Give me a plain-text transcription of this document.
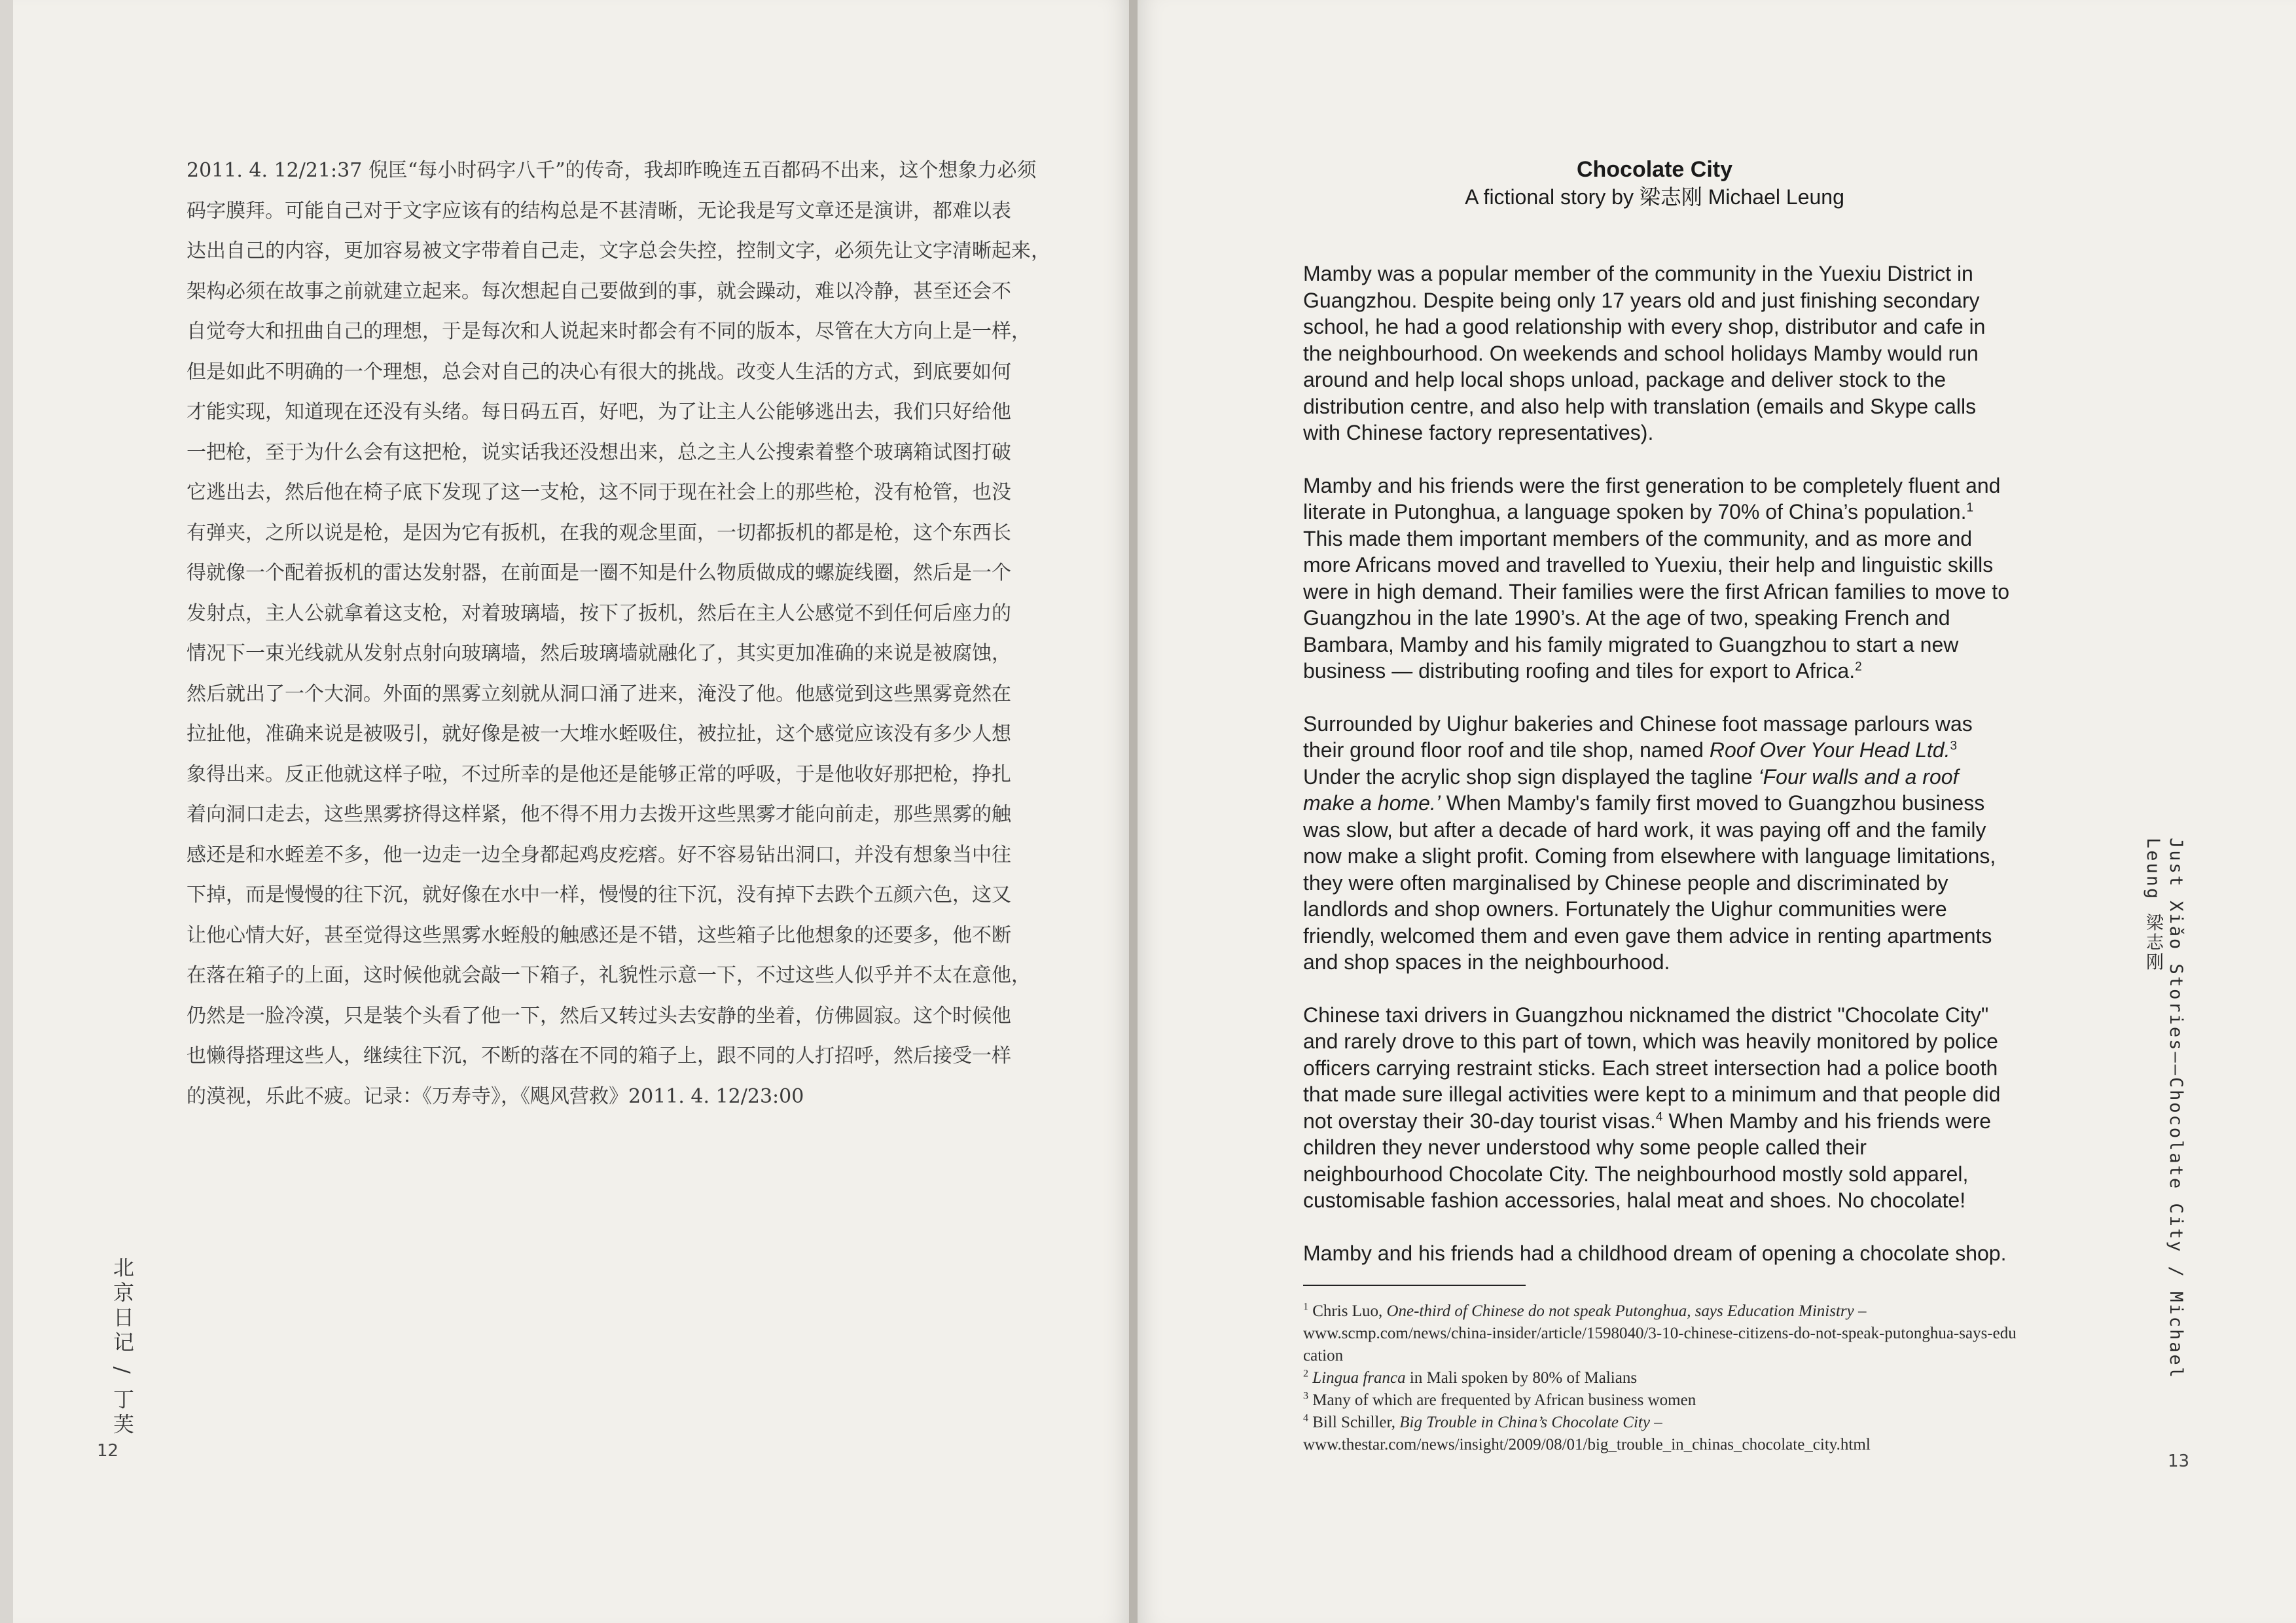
2011. 4. 12/21:37 倪匡“每小时码字八千”的传奇，我却昨晚连五百都码不出来，这个想象力必须

码字膜拜。可能自己对于文字应该有的结构总是不甚清晰，无论我是写文章还是演讲，都难以表

达出自己的内容，更加容易被文字带着自己走，文字总会失控，控制文字，必须先让文字清晰起来，

架构必须在故事之前就建立起来。每次想起自己要做到的事，就会躁动，难以冷静，甚至还会不

自觉夸大和扭曲自己的理想，于是每次和人说起来时都会有不同的版本，尽管在大方向上是一样，

但是如此不明确的一个理想，总会对自己的决心有很大的挑战。改变人生活的方式，到底要如何

才能实现，知道现在还没有头绪。每日码五百，好吧，为了让主人公能够逃出去，我们只好给他

一把枪，至于为什么会有这把枪，说实话我还没想出来，总之主人公搜索着整个玻璃箱试图打破

它逃出去，然后他在椅子底下发现了这一支枪，这不同于现在社会上的那些枪，没有枪管，也没

有弹夹，之所以说是枪，是因为它有扳机，在我的观念里面，一切都扳机的都是枪，这个东西长

得就像一个配着扳机的雷达发射器，在前面是一圈不知是什么物质做成的螺旋线圈，然后是一个

发射点，主人公就拿着这支枪，对着玻璃墙，按下了扳机，然后在主人公感觉不到任何后座力的

情况下一束光线就从发射点射向玻璃墙，然后玻璃墙就融化了，其实更加准确的来说是被腐蚀，

然后就出了一个大洞。外面的黑雾立刻就从洞口涌了进来，淹没了他。他感觉到这些黑雾竟然在

拉扯他，准确来说是被吸引，就好像是被一大堆水蛭吸住，被拉扯，这个感觉应该没有多少人想

象得出来。反正他就这样子啦，不过所幸的是他还是能够正常的呼吸，于是他收好那把枪，挣扎

着向洞口走去，这些黑雾挤得这样紧，他不得不用力去拨开这些黑雾才能向前走，那些黑雾的触

感还是和水蛭差不多，他一边走一边全身都起鸡皮疙瘩。好不容易钻出洞口，并没有想象当中往

下掉，而是慢慢的往下沉，就好像在水中一样，慢慢的往下沉，没有掉下去跌个五颜六色，这又

让他心情大好，甚至觉得这些黑雾水蛭般的触感还是不错，这些箱子比他想象的还要多，他不断

在落在箱子的上面，这时候他就会敲一下箱子，礼貌性示意一下，不过这些人似乎并不太在意他，

仍然是一脸冷漠，只是装个头看了他一下，然后又转过头去安静的坐着，仿佛圆寂。这个时候他

也懒得搭理这些人，继续往下沉，不断的落在不同的箱子上，跟不同的人打招呼，然后接受一样

的漠视，乐此不疲。记录：《万寿寺》，《飓风营救》2011. 4. 12/23:00

北京日记 / 丁芙
12
Chocolate City
A fictional story by 梁志刚 Michael Leung

Mamby was a popular member of the community in the Yuexiu District in Guangzhou. Despite being only 17 years old and just finishing secondary school, he had a good relationship with every shop, distributor and cafe in the neighbourhood. On weekends and school holidays Mamby would run around and help local shops unload, package and deliver stock to the distribution centre, and also help with translation (emails and Skype calls with Chinese factory representatives).

Mamby and his friends were the first generation to be completely fluent and literate in Putonghua, a language spoken by 70% of China’s population.$^1$ This made them important members of the community, and as more and more Africans moved and travelled to Yuexiu, their help and linguistic skills were in high demand. Their families were the first African families to move to Guangzhou in the late 1990’s. At the age of two, speaking French and Bambara, Mamby and his family migrated to Guangzhou to start a new business — distributing roofing and tiles for export to Africa.$^2$

Surrounded by Uighur bakeries and Chinese foot massage parlours was their ground floor roof and tile shop, named Roof Over Your Head Ltd.$^3$ Under the acrylic shop sign displayed the tagline ‘Four walls and a roof make a home.’ When Mamby's family first moved to Guangzhou business was slow, but after a decade of hard work, it was paying off and the family now make a slight profit. Coming from elsewhere with language limitations, they were often marginalised by Chinese people and discriminated by landlords and shop owners. Fortunately the Uighur communities were friendly, welcomed them and even gave them advice in renting apartments and shop spaces in the neighbourhood.

Chinese taxi drivers in Guangzhou nicknamed the district "Chocolate City" and rarely drove to this part of town, which was heavily monitored by police officers carrying restraint sticks. Each street intersection had a police booth that made sure illegal activities were kept to a minimum and that people did not overstay their 30-day tourist visas.$^4$ When Mamby and his friends were children they never understood why some people called their neighbourhood Chocolate City. The neighbourhood mostly sold apparel, customisable fashion accessories, halal meat and shoes. No chocolate!

Mamby and his friends had a childhood dream of opening a chocolate shop.

$^1$ Chris Luo, One-third of Chinese do not speak Putonghua, says Education Ministry –
www.scmp.com/news/china-insider/article/1598040/3-10-chinese-citizens-do-not-speak-putonghua-says-education

$^2$ Lingua franca in Mali spoken by 80% of Malians

$^3$ Many of which are frequented by African business women

$^4$ Bill Schiller, Big Trouble in China’s Chocolate City –
www.thestar.com/news/insight/2009/08/01/big_trouble_in_chinas_chocolate_city.html

Just Xiǎo Stories——Chocolate City / Michael Leung 梁志刚
13
